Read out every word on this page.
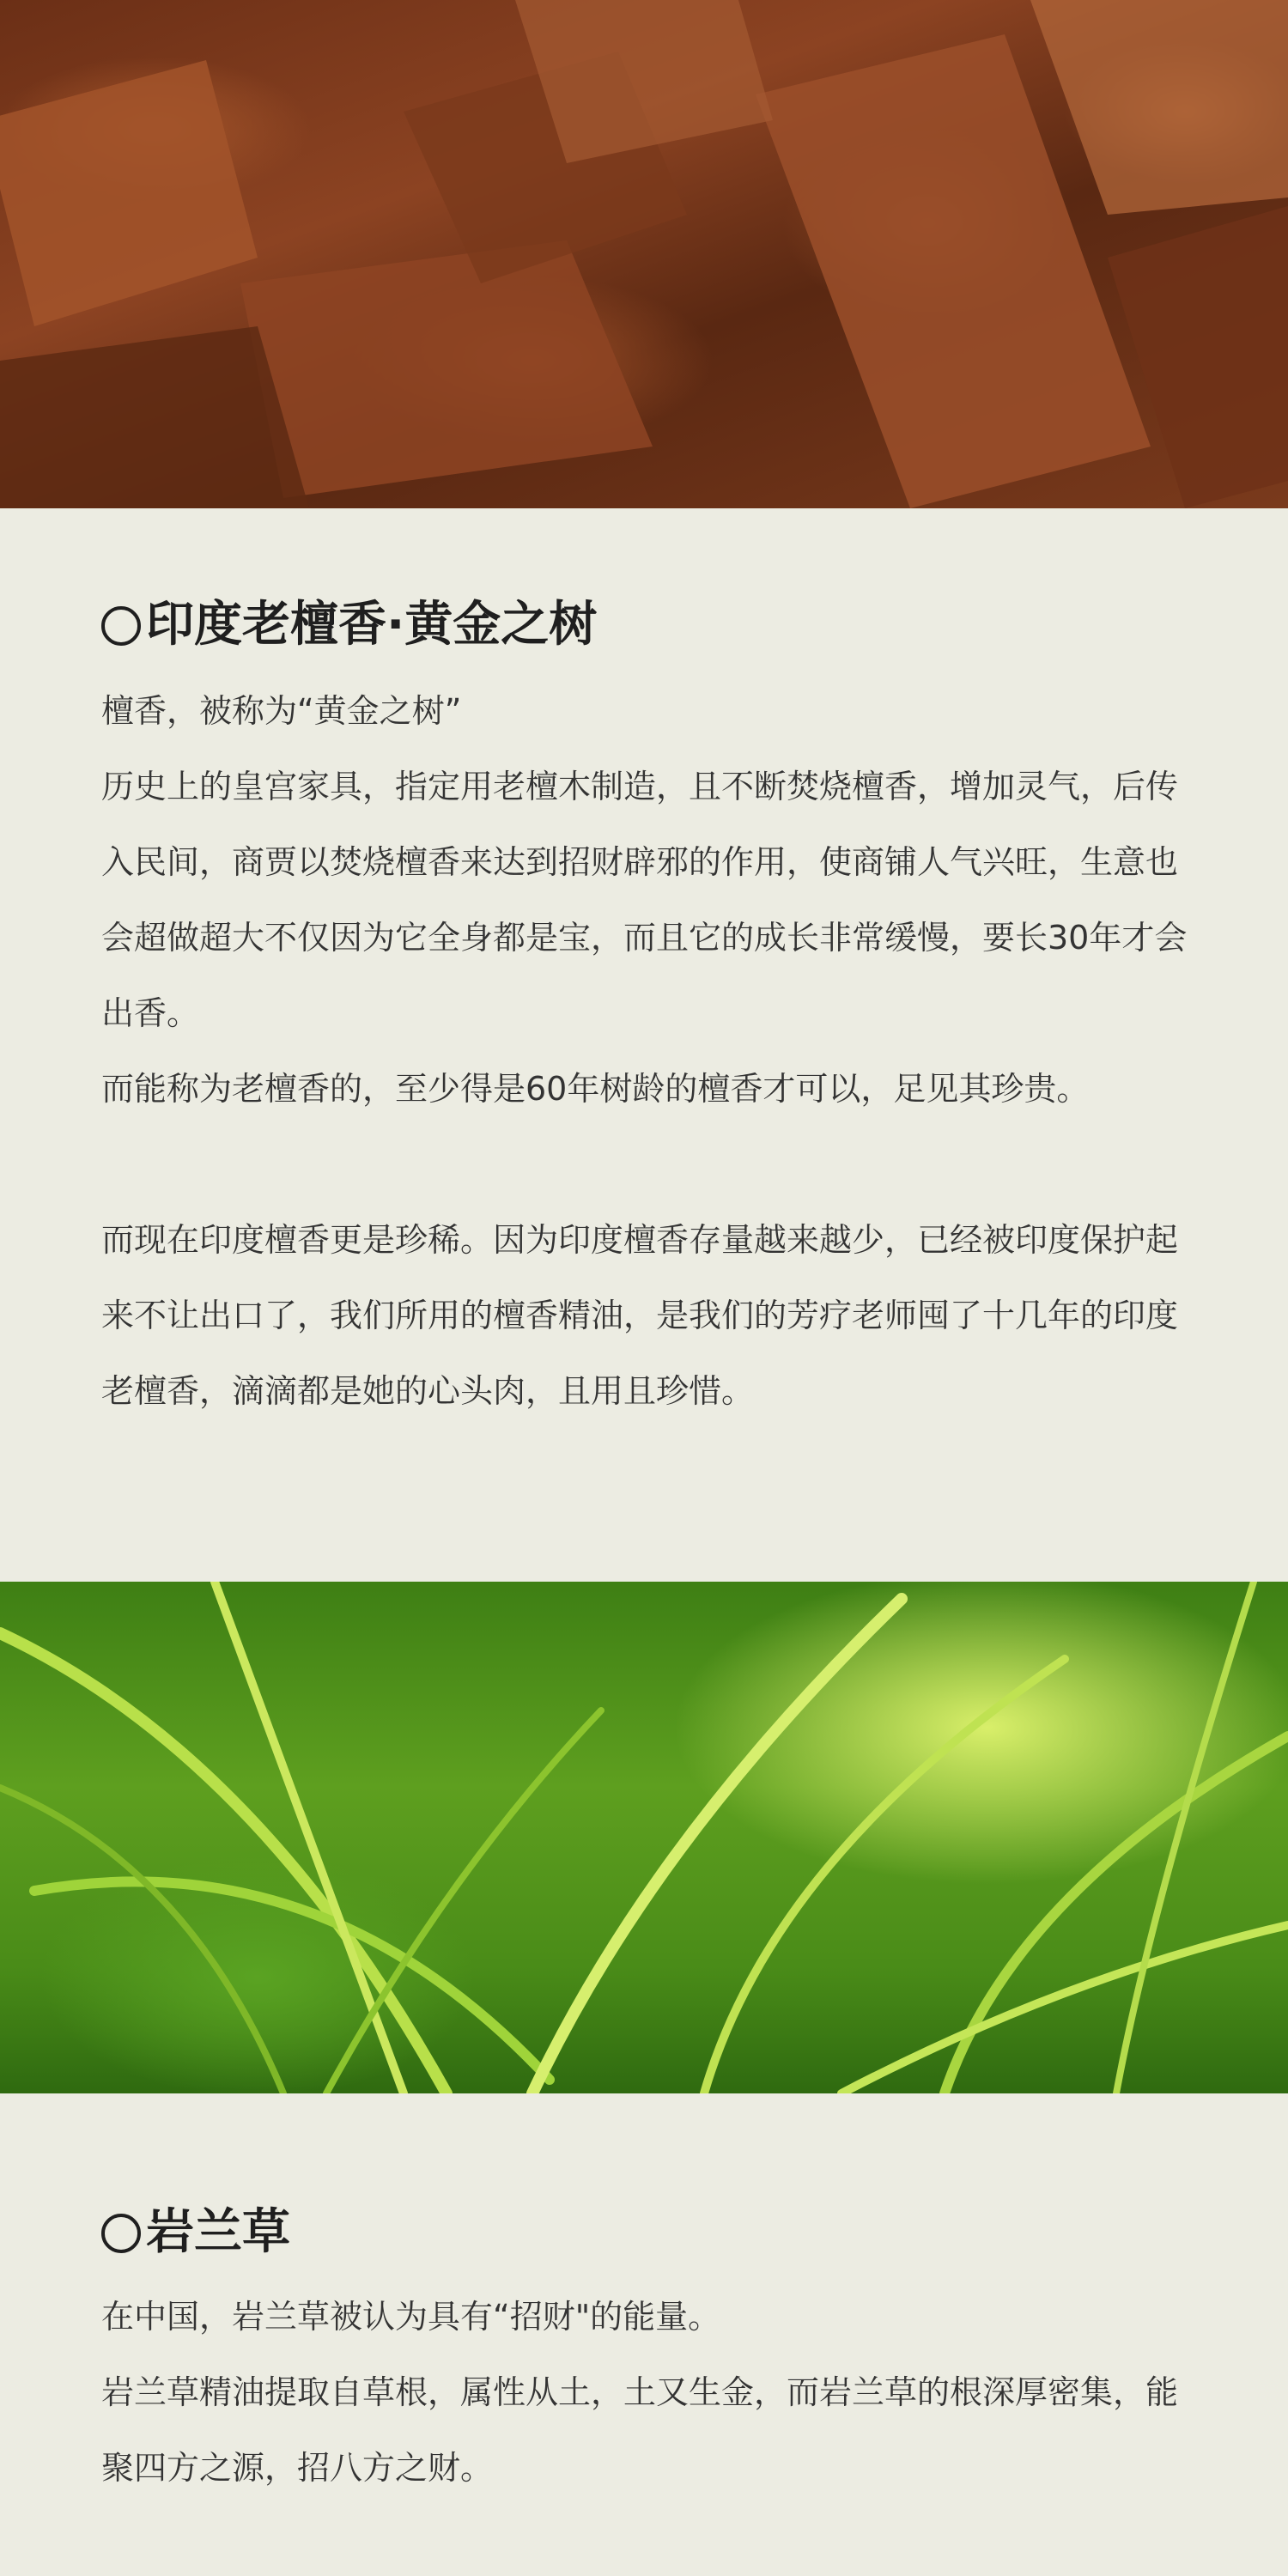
印度老檀香·黄金之树

檀香，被称为“黄金之树”

历史上的皇宫家具，指定用老檀木制造，且不断焚烧檀香，增加灵气，后传入民间，商贾以焚烧檀香来达到招财辟邪的作用，使商铺人气兴旺，生意也会超做超大不仅因为它全身都是宝，而且它的成长非常缓慢，要长30年才会出香。

而能称为老檀香的，至少得是60年树龄的檀香才可以，足见其珍贵。

而现在印度檀香更是珍稀。因为印度檀香存量越来越少，已经被印度保护起来不让出口了，我们所用的檀香精油，是我们的芳疗老师囤了十几年的印度老檀香，滴滴都是她的心头肉，且用且珍惜。

岩兰草

在中国，岩兰草被认为具有“招财"的能量。

岩兰草精油提取自草根，属性从土，土又生金，而岩兰草的根深厚密集，能聚四方之源，招八方之财。
